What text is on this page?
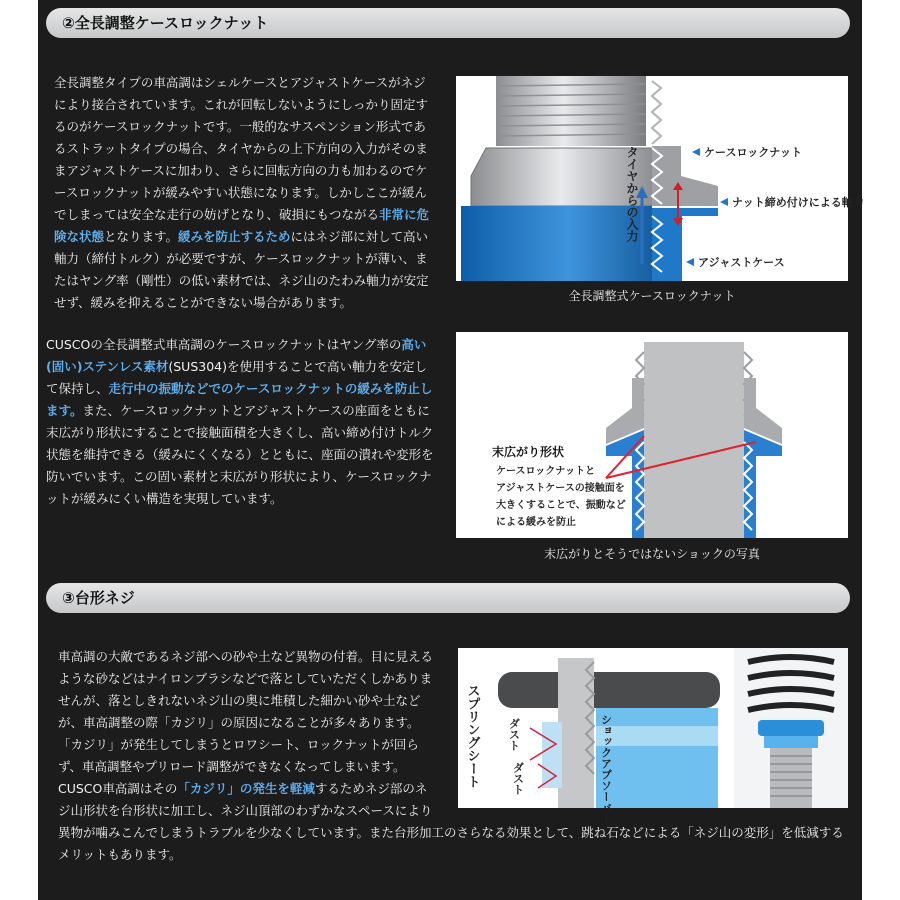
②全長調整ケースロックナット

全長調整タイプの車高調はシェルケースとアジャストケースがネジにより接合されています。これが回転しないようにしっかり固定するのがケースロックナットです。一般的なサスペンション形式であるストラットタイプの場合、タイヤからの上下方向の入力がそのままアジャストケースに加わり、さらに回転方向の力も加わるのでケースロックナットが緩みやすい状態になります。しかしここが緩んでしまっては安全な走行の妨げとなり、破損にもつながる非常に危険な状態となります。緩みを防止するためにはネジ部に対して高い軸力（締付トルク）が必要ですが、ケースロックナットが薄い、またはヤング率（剛性）の低い素材では、ネジ山のたわみ軸力が安定せず、緩みを抑えることができない場合があります。

CUSCOの全長調整式車高調のケースロックナットはヤング率の高い(固い)ステンレス素材(SUS304)を使用することで高い軸力を安定して保持し、走行中の振動などでのケースロックナットの緩みを防止します。また、ケースロックナットとアジャストケースの座面をともに末広がり形状にすることで接触面積を大きくし、高い締め付けトルク状態を維持できる（緩みにくくなる）とともに、座面の潰れや変形を防いでいます。この固い素材と末広がり形状により、ケースロックナットが緩みにくい構造を実現しています。

タイヤからの入力	ケースロックナット
ナット締め付けによる軸力
アジャストケース
全長調整式ケースロックナット
末広がり形状
ケースロックナットと
アジャストケースの接触面を
大きくすることで、振動など
による緩みを防止
末広がりとそうではないショックの写真
③台形ネジ

車高調の大敵であるネジ部への砂や土など異物の付着。目に見えるような砂などはナイロンブラシなどで落としていただくしかありませんが、落としきれないネジ山の奥に堆積した細かい砂や土などが、車高調整の際「カジリ」の原因になることが多々あります。「カジリ」が発生してしまうとロワシート、ロックナットが回らず、車高調整やプリロード調整ができなくなってしまいます。CUSCO車高調はその「カジリ」の発生を軽減するためネジ部のネジ山形状を台形状に加工し、ネジ山頂部のわずかなスペースにより異物が噛みこんでしまうトラブルを少なくしています。また台形加工のさらなる効果として、跳ね石などによる「ネジ山の変形」を低減するメリットもあります。

スプリングシート	ダスト
ダスト	ショックアブソーバー
